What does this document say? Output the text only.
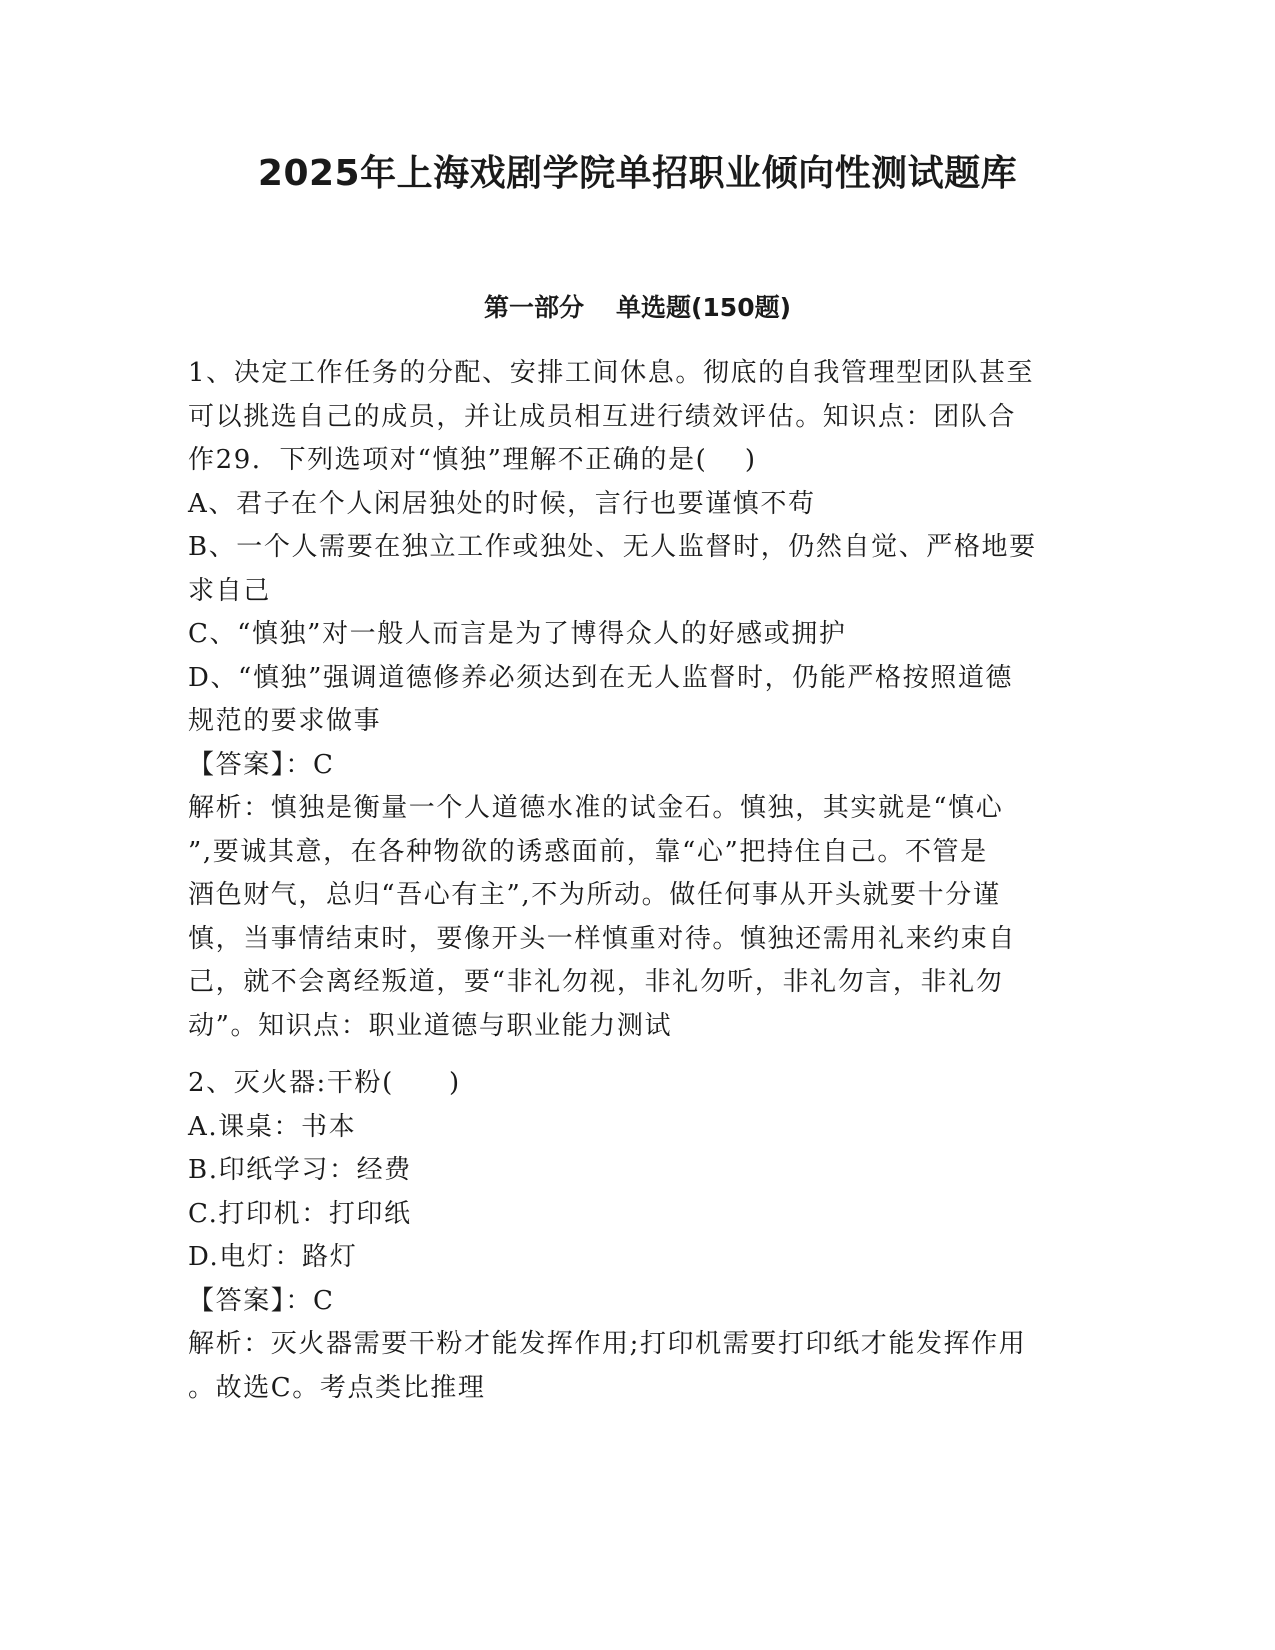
2025年上海戏剧学院单招职业倾向性测试题库
第一部分 单选题(150题)
1、决定工作任务的分配、安排工间休息。彻底的自我管理型团队甚至
可以挑选自己的成员，并让成员相互进行绩效评估。知识点：团队合
作29．下列选项对“慎独”理解不正确的是(　 )
A、君子在个人闲居独处的时候，言行也要谨慎不苟
B、一个人需要在独立工作或独处、无人监督时，仍然自觉、严格地要
求自己
C、“慎独”对一般人而言是为了博得众人的好感或拥护
D、“慎独”强调道德修养必须达到在无人监督时，仍能严格按照道德
规范的要求做事
【答案】：C
解析：慎独是衡量一个人道德水准的试金石。慎独，其实就是“慎心
”,要诚其意，在各种物欲的诱惑面前，靠“心”把持住自己。不管是
酒色财气，总归“吾心有主”,不为所动。做任何事从开头就要十分谨
慎，当事情结束时，要像开头一样慎重对待。慎独还需用礼来约束自
己，就不会离经叛道，要“非礼勿视，非礼勿听，非礼勿言，非礼勿
动”。知识点：职业道德与职业能力测试
2、灭火器:干粉(　　)
A.课桌：书本
B.印纸学习：经费
C.打印机：打印纸
D.电灯：路灯
【答案】：C
解析：灭火器需要干粉才能发挥作用;打印机需要打印纸才能发挥作用
。故选C。考点类比推理
